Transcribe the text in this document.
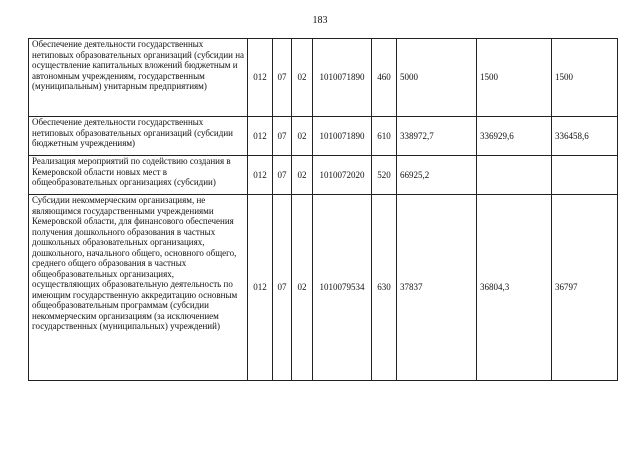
183
Обеспечение деятельности государственных нетиповых образовательных организаций (субсидии на осуществление капитальных вложений бюджетным и автономным учреждениям, государственным (муниципальным) унитарным предприятиям)	012	07	02	1010071890	460	5000	1500	1500
Обеспечение деятельности государственных нетиповых образовательных организаций (субсидии бюджетным учреждениям)	012	07	02	1010071890	610	338972,7	336929,6	336458,6
Реализация мероприятий по содействию создания в Кемеровской области новых мест в общеобразовательных организациях (субсидии)	012	07	02	1010072020	520	66925,2		
Субсидии некоммерческим организациям, не являющимся государственными учреждениями Кемеровской области, для финансового обеспечения получения дошкольного образования в частных дошкольных образовательных организациях, дошкольного, начального общего, основного общего, среднего общего образования в частных общеобразовательных организациях, осуществляющих образовательную деятельность по имеющим государственную аккредитацию основным общеобразовательным программам (субсидии некоммерческим организациям (за исключением государственных (муниципальных) учреждений)	012	07	02	1010079534	630	37837	36804,3	36797
